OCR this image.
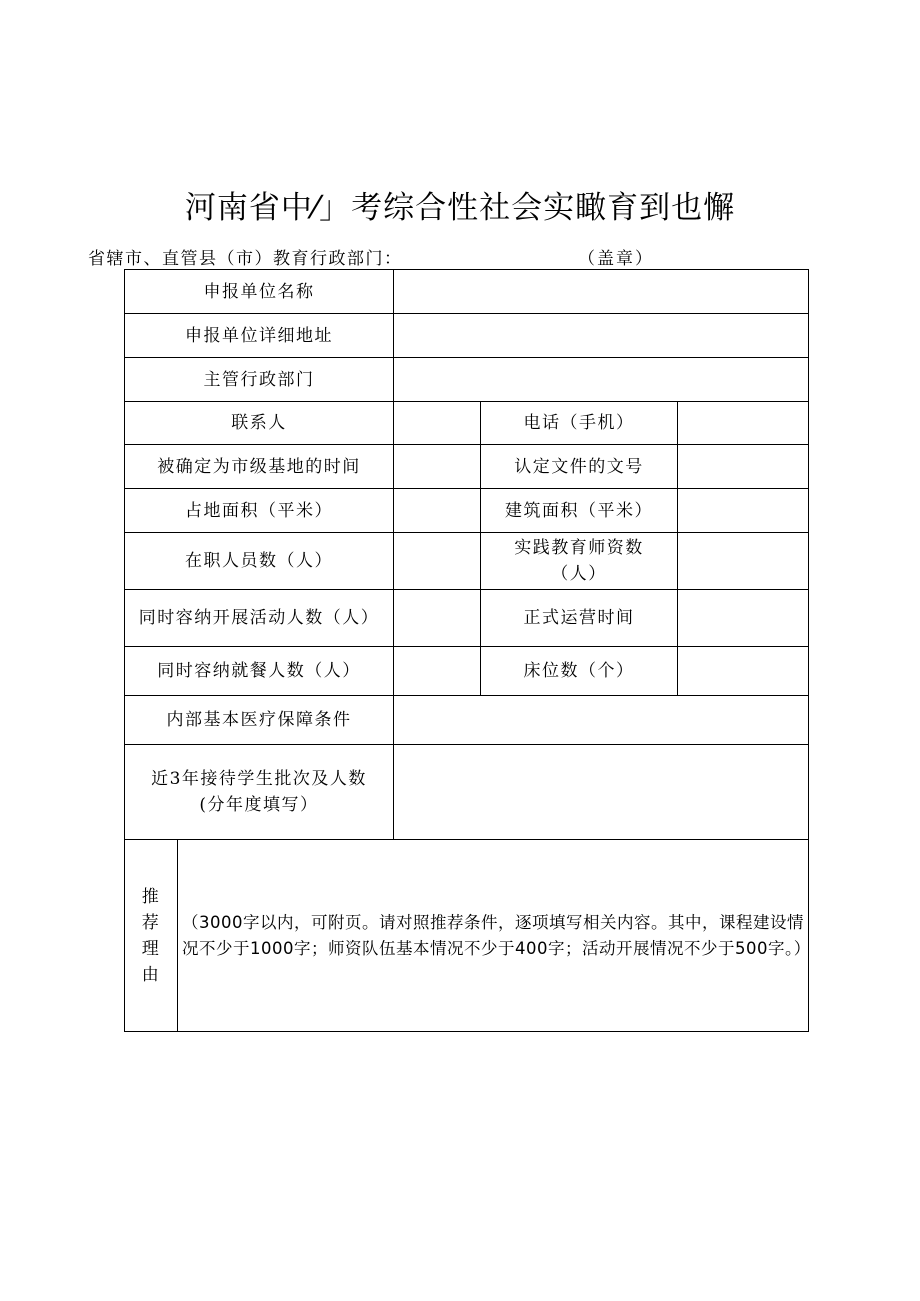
河南省中⁄」考综合性社会实瞰育到也懈
省辖市、直管县（市）教育行政部门：	（盖章）
申报单位名称				
申报单位详细地址				
主管行政部门				
联系人			电话（手机）	
被确定为市级基地的时间			认定文件的文号	
占地面积（平米）			建筑面积（平米）	
在职人员数（人）			实践教育师资数
（人）	

同时容纳开展活动人数（人）			正式运营时间	
同时容纳就餐人数（人）			床位数（个）	
内部基本医疗保障条件				

近3年接待学生批次及人数
(分年度填写）				

推
荐
理
由	（3000字以内，可附页。请对照推荐条件，逐项填写相关内容。其中，课程建设情况不少于1000字；师资队伍基本情况不少于400字；活动开展情况不少于500字。）			
